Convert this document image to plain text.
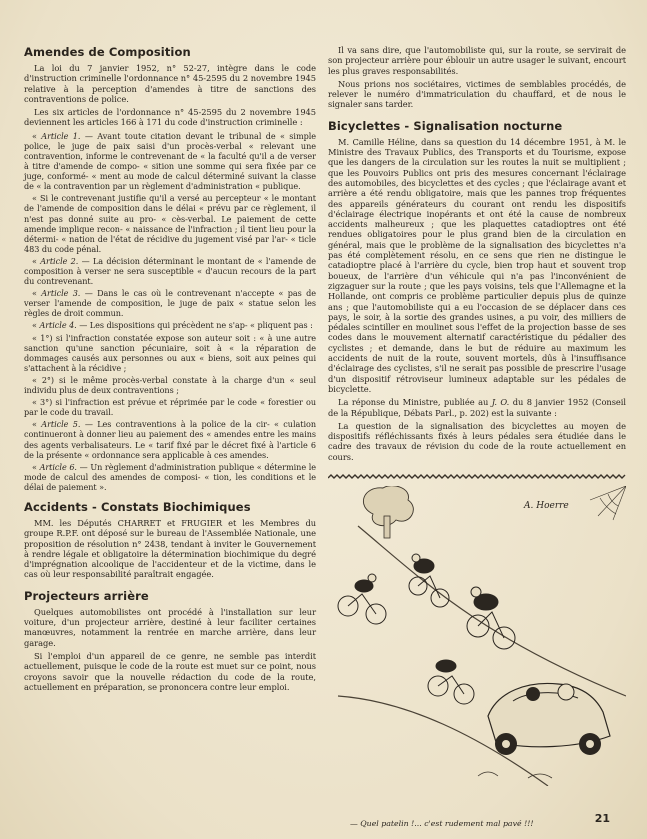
Amendes de Composition

La loi du 7 janvier 1952, n° 52-27, intègre dans le code d'instruction criminelle l'ordonnance n° 45-2595 du 2 novembre 1945 relative à la perception d'amendes à titre de sanctions des contraventions de police.

Les six articles de l'ordonnance n° 45-2595 du 2 novembre 1945 deviennent les articles 166 à 171 du code d'instruction criminelle :

« Article 1. — Avant toute citation devant le tribunal de « simple police, le juge de paix saisi d'un procès-verbal « relevant une contravention, informe le contrevenant de « la faculté qu'il a de verser à titre d'amende de compo- « sition une somme qui sera fixée par ce juge, conformé- « ment au mode de calcul déterminé suivant la classe de « la contravention par un règlement d'administration « publique.

« Si le contrevenant justifie qu'il a versé au percepteur « le montant de l'amende de composition dans le délai « prévu par ce règlement, il n'est pas donné suite au pro- « cès-verbal. Le paiement de cette amende implique recon- « naissance de l'infraction ; il tient lieu pour la détermi- « nation de l'état de récidive du jugement visé par l'ar- « ticle 483 du code pénal.

« Article 2. — La décision déterminant le montant de « l'amende de composition à verser ne sera susceptible « d'aucun recours de la part du contrevenant.

« Article 3. — Dans le cas où le contrevenant n'accepte « pas de verser l'amende de composition, le juge de paix « statue selon les règles de droit commun.

« Article 4. — Les dispositions qui précèdent ne s'ap- « pliquent pas :

« 1°) si l'infraction constatée expose son auteur soit : « à une autre sanction qu'une sanction pécuniaire, soit à « la réparation de dommages causés aux personnes ou aux « biens, soit aux peines qui s'attachent à la récidive ;

« 2°) si le même procès-verbal constate à la charge d'un « seul individu plus de deux contraventions ;

« 3°) si l'infraction est prévue et réprimée par le code « forestier ou par le code du travail.

« Article 5. — Les contraventions à la police de la cir- « culation continueront à donner lieu au paiement des « amendes entre les mains des agents verbalisateurs. Le « tarif fixé par le décret fixé à l'article 6 de la présente « ordonnance sera applicable à ces amendes.

« Article 6. — Un règlement d'administration publique « détermine le mode de calcul des amendes de composi- « tion, les conditions et le délai de paiement ».

Accidents - Constats Biochimiques

MM. les Députés CHARRET et FRUGIER et les Membres du groupe R.P.F. ont déposé sur le bureau de l'Assemblée Nationale, une proposition de résolution n° 2438, tendant à inviter le Gouvernement à rendre légale et obligatoire la détermination biochimique du degré d'imprégnation alcoolique de l'accidenteur et de la victime, dans le cas où leur responsabilité paraîtrait engagée.

Projecteurs arrière

Quelques automobilistes ont procédé à l'installation sur leur voiture, d'un projecteur arrière, destiné à leur faciliter certaines manœuvres, notamment la rentrée en marche arrière, dans leur garage.

Si l'emploi d'un appareil de ce genre, ne semble pas interdit actuellement, puisque le code de la route est muet sur ce point, nous croyons savoir que la nouvelle rédaction du code de la route, actuellement en préparation, se prononcera contre leur emploi.

Il va sans dire, que l'automobiliste qui, sur la route, se servirait de son projecteur arrière pour éblouir un autre usager le suivant, encourt les plus graves responsabilités.

Nous prions nos sociétaires, victimes de semblables procédés, de relever le numéro d'immatriculation du chauffard, et de nous le signaler sans tarder.

Bicyclettes - Signalisation nocturne

M. Camille Héline, dans sa question du 14 décembre 1951, à M. le Ministre des Travaux Publics, des Transports et du Tourisme, expose que les dangers de la circulation sur les routes la nuit se multiplient ; que les Pouvoirs Publics ont pris des mesures concernant l'éclairage des automobiles, des bicyclettes et des cycles ; que l'éclairage avant et arrière a été rendu obligatoire, mais que les pannes trop fréquentes des appareils générateurs du courant ont rendu les dispositifs d'éclairage électrique inopérants et ont été la cause de nombreux accidents malheureux ; que les plaquettes catadioptres ont été rendues obligatoires pour le plus grand bien de la circulation en général, mais que le problème de la signalisation des bicyclettes n'a pas été complètement résolu, en ce sens que rien ne distingue le catadioptre placé à l'arrière du cycle, bien trop haut et souvent trop boueux, de l'arrière d'un véhicule qui n'a pas l'inconvénient de zigzaguer sur la route ; que les pays voisins, tels que l'Allemagne et la Hollande, ont compris ce problème particulier depuis plus de quinze ans ; que l'automobiliste qui a eu l'occasion de se déplacer dans ces pays, le soir, à la sortie des grandes usines, a pu voir, des milliers de pédales scintiller en moulinet sous l'effet de la projection basse de ses codes dans le mouvement alternatif caractéristique du pédalier des cyclistes ; et demande, dans le but de réduire au maximum les accidents de nuit de la route, souvent mortels, dûs à l'insuffisance d'éclairage des cyclistes, s'il ne serait pas possible de prescrire l'usage d'un dispositif rétroviseur lumineux adaptable sur les pédales de bicyclette.

La réponse du Ministre, publiée au J. O. du 8 janvier 1952 (Conseil de la République, Débats Parl., p. 202) est la suivante :

La question de la signalisation des bicyclettes au moyen de dispositifs réfléchissants fixés à leurs pédales sera étudiée dans le cadre des travaux de révision du code de la route actuellement en cours.

A. Hoerre

— Quel patelin !... c'est rudement mal pavé !!!	21
